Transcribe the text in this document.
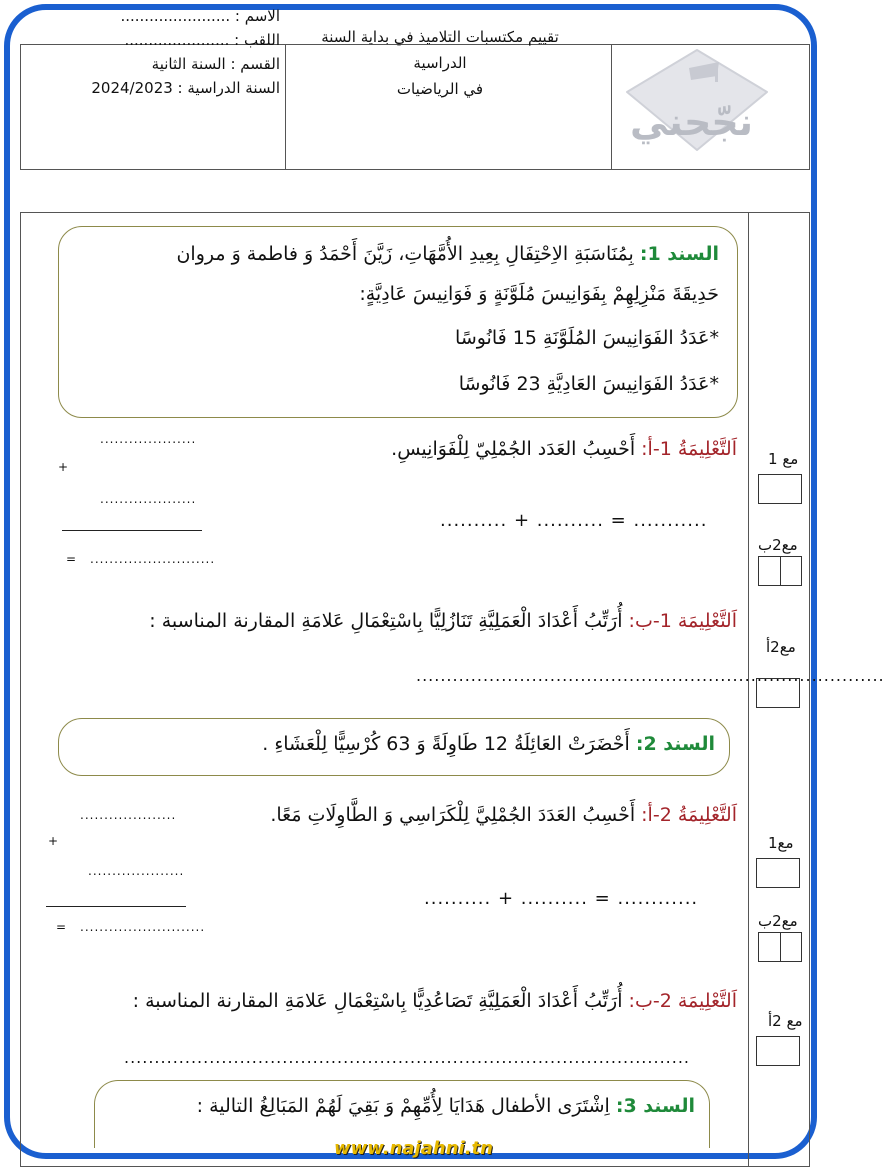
الاسم : .......................
اللقب : ......................
القسم : السنة الثانية
السنة الدراسية : 2024/2023
تقييم مكتسبات التلاميذ في بداية السنة
الدراسية
في الرياضيات
نجّحني
السند 1: بِمُنَاسَبَةِ الاِحْتِفَالِ بِعِيدِ الأُمَّهَاتِ، زَيَّنَ أَحْمَدُ وَ فاطمة وَ مروان
حَدِيقَةَ مَنْزِلِهِمْ بِفَوَانِيسَ مُلَوَّنَةٍ وَ فَوَانِيسَ عَادِيَّةٍ:
*عَدَدُ الفَوَانِيسَ المُلَوَّنَةِ 15 فَانُوسًا
*عَدَدُ الفَوَانِيسَ العَادِيَّةِ 23 فَانُوسًا
اَلتَّعْلِيمَةُ 1-أ: أَحْسِبُ العَدَد الجُمْلِيّ لِلْفَوَانِيسِ.
....................
+
....................
= ..........................
.......... + .......... = ...........
اَلتَّعْلِيمَة 1-ب: أُرَتِّبُ أَعْدَادَ الْعَمَلِيَّةِ تَنَازُلِيًّا بِاسْتِعْمَالِ عَلامَةِ المقارنة المناسبة :
.............................................................................
السند 2: أَحْضَرَتْ العَائِلَةُ 12 طَاوِلَةً وَ 63 كُرْسِيًّا لِلْعَشَاءِ .
اَلتَّعْلِيمَةُ 2-أ: أَحْسِبُ العَدَدَ الجُمْلِيَّ لِلْكَرَاسِي وَ الطَّاوِلَاتِ مَعًا.
....................
+
....................
= ..........................
.......... + .......... = ............
اَلتَّعْلِيمَة 2-ب: أُرَتِّبُ أَعْدَادَ الْعَمَلِيَّةِ تَصَاعُدِيًّا بِاسْتِعْمَالِ عَلامَةِ المقارنة المناسبة :
.............................................................................................
السند 3: اِشْتَرَى الأطفال هَدَايَا لِأُمِّهِمْ وَ بَقِيَ لَهُمْ المَبَالِغُ التالية :
مع 1
مع2ب
مع2أ
مع1
مع2ب
مع 2أ
www.najahni.tn
